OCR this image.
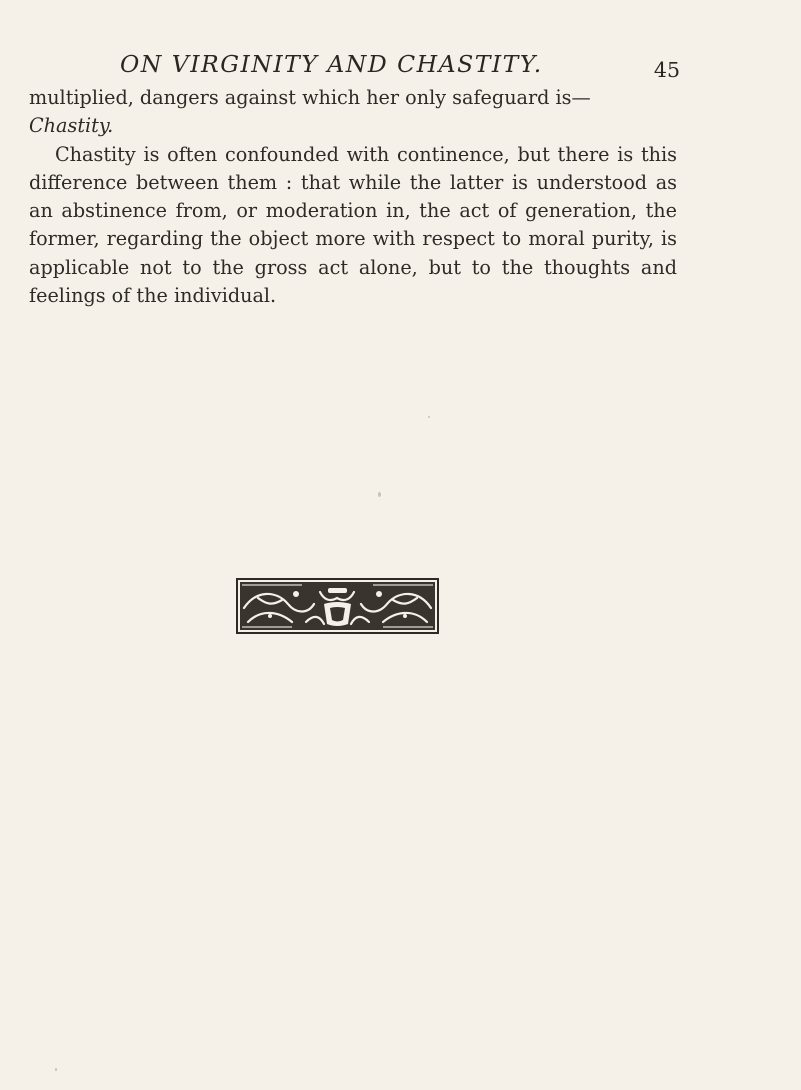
ON VIRGINITY AND CHASTITY.	45

multiplied, dangers against which her only safeguard is—
Chastity.

Chastity is often confounded with continence, but there is this difference between them : that while the latter is understood as an abstinence from, or moderation in, the act of generation, the former, regarding the object more with respect to moral purity, is applicable not to the gross act alone, but to the thoughts and feelings of the individual.
